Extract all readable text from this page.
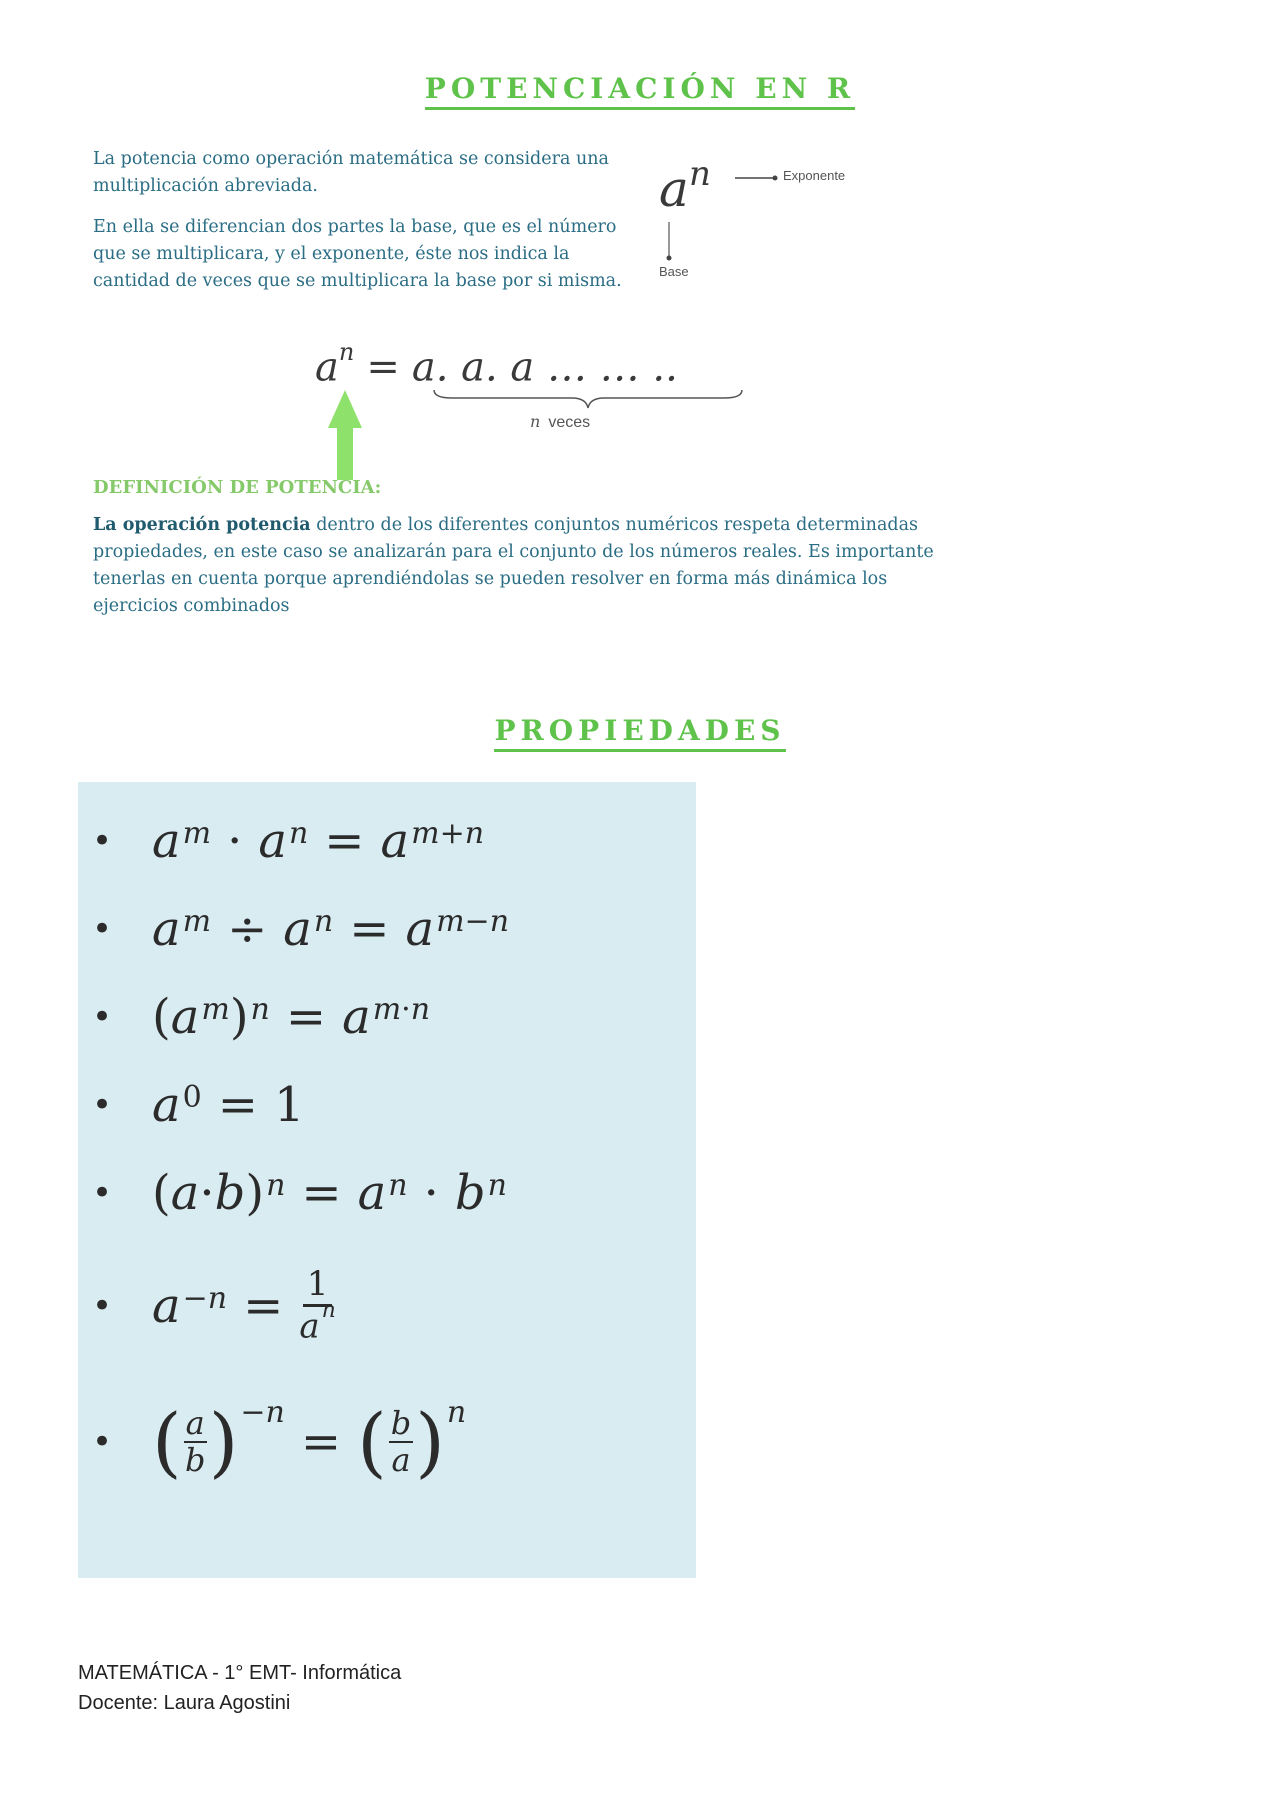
POTENCIACIÓN EN R

La potencia como operación matemática se considera una multiplicación abreviada.

En ella se diferencian dos partes la base, que es el número que se multiplicara, y el exponente, éste nos indica la cantidad de veces que se multiplicara la base por si misma.

a n	Exponente
Base
$a^n = a$. a. a … … ..
n veces
DEFINICIÓN DE POTENCIA:

La operación potencia dentro de los diferentes conjuntos numéricos respeta determinadas propiedades, en este caso se analizarán para el conjunto de los números reales. Es importante tenerlas en cuenta porque aprendiéndolas se pueden resolver en forma más dinámica los ejercicios combinados

PROPIEDADES
• a $^m$ · a $^n$ = a $^{m+n}$
• a $^m$ ÷ a $^n$ = a $^{m-n}$
• ( a $^m$ ) $^n$ = a $^{m\cdot n}$
• $a^0 = 1$
• ( a · b ) $^n$ = a $^n$ · b $^n$
• $a^{-n} = \frac{1}{a^n}$
• ( $\frac{a}{b} )^{-n}$
= ( $\frac{b}{a}$ ) $^n$
MATEMÁTICA - 1° EMT- Informática
Docente: Laura Agostini
